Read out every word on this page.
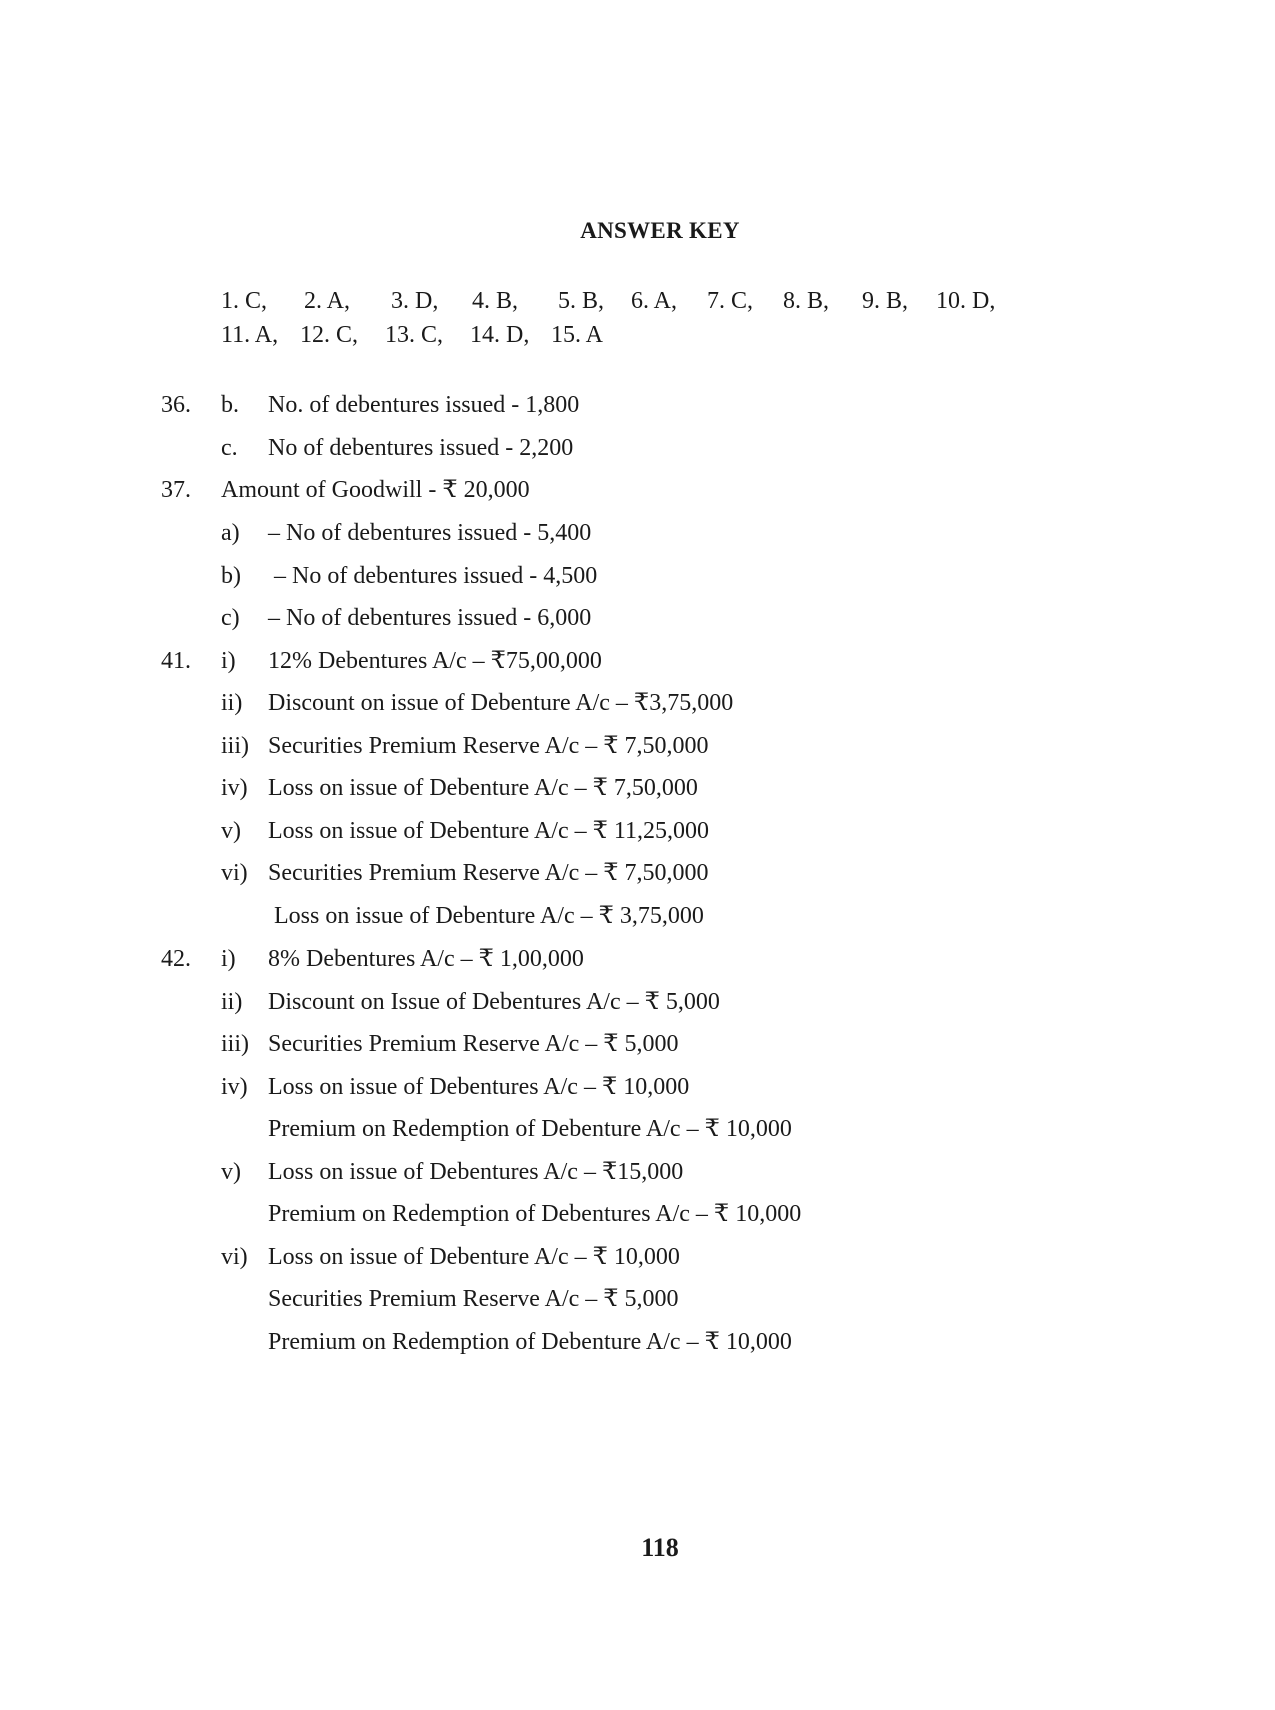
ANSWER KEY
1. C, 2. A, 3. D, 4. B, 5. B, 6. A, 7. C, 8. B, 9. B, 10. D,
11. A, 12. C, 13. C, 14. D, 15. A
36. b. No. of debentures issued - 1,800
c. No of debentures issued - 2,200
37. Amount of Goodwill - ₹ 20,000
a) – No of debentures issued - 5,400
b) – No of debentures issued - 4,500
c) – No of debentures issued - 6,000
41. i) 12% Debentures A/c – ₹75,00,000
ii) Discount on issue of Debenture A/c – ₹3,75,000
iii) Securities Premium Reserve A/c – ₹ 7,50,000
iv) Loss on issue of Debenture A/c – ₹ 7,50,000
v) Loss on issue of Debenture A/c – ₹ 11,25,000
vi) Securities Premium Reserve A/c – ₹ 7,50,000
Loss on issue of Debenture A/c – ₹ 3,75,000
42. i) 8% Debentures A/c – ₹ 1,00,000
ii) Discount on Issue of Debentures A/c – ₹ 5,000
iii) Securities Premium Reserve A/c – ₹ 5,000
iv) Loss on issue of Debentures A/c – ₹ 10,000
Premium on Redemption of Debenture A/c – ₹ 10,000
v) Loss on issue of Debentures A/c – ₹15,000
Premium on Redemption of Debentures A/c – ₹ 10,000
vi) Loss on issue of Debenture A/c – ₹ 10,000
Securities Premium Reserve A/c – ₹ 5,000
Premium on Redemption of Debenture A/c – ₹ 10,000
118
